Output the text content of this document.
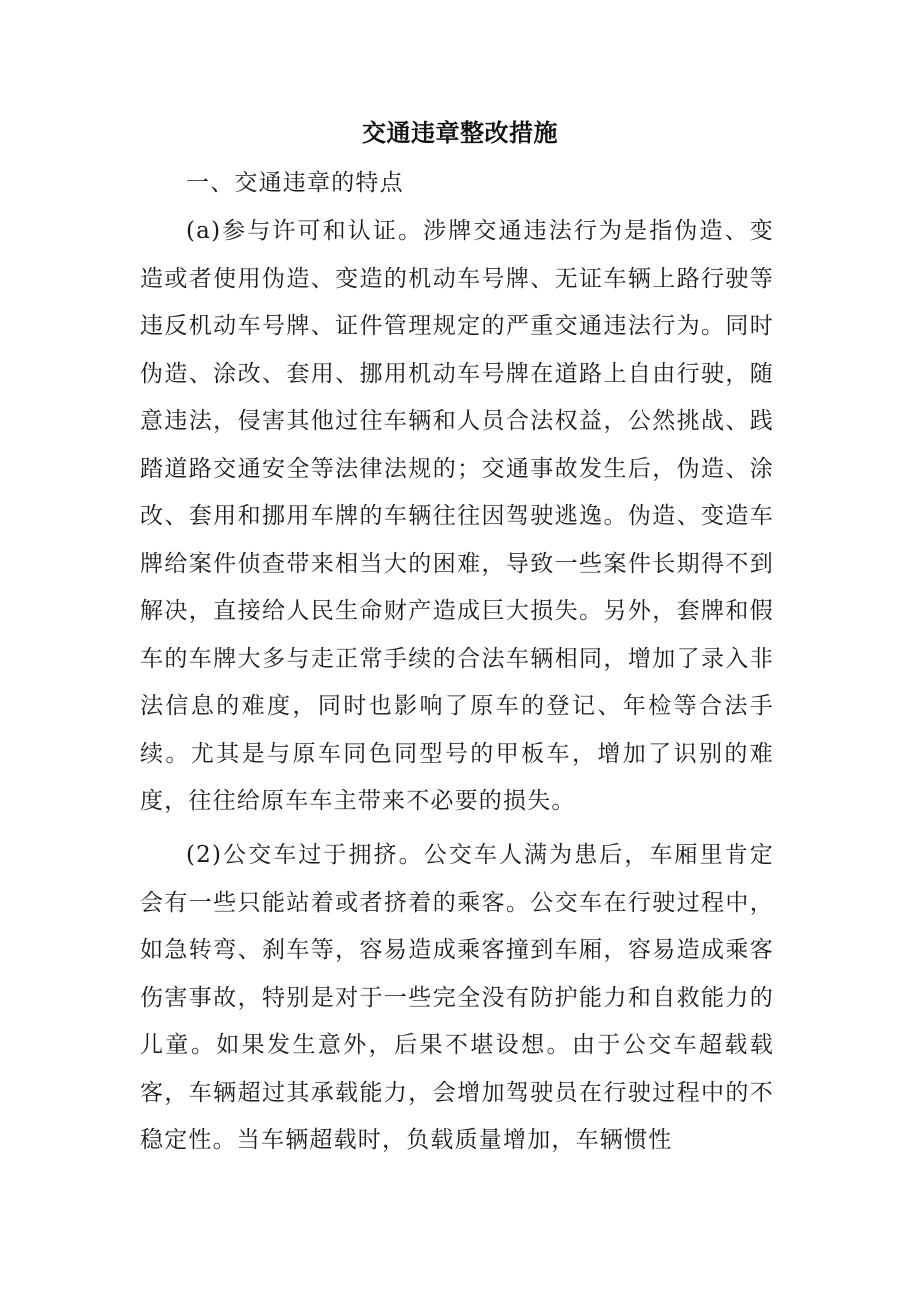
交通违章整改措施
一、交通违章的特点

(a)参与许可和认证。涉牌交通违法行为是指伪造、变造或者使用伪造、变造的机动车号牌、无证车辆上路行驶等违反机动车号牌、证件管理规定的严重交通违法行为。同时伪造、涂改、套用、挪用机动车号牌在道路上自由行驶，随意违法，侵害其他过往车辆和人员合法权益，公然挑战、践踏道路交通安全等法律法规的；交通事故发生后，伪造、涂改、套用和挪用车牌的车辆往往因驾驶逃逸。伪造、变造车牌给案件侦查带来相当大的困难，导致一些案件长期得不到解决，直接给人民生命财产造成巨大损失。另外，套牌和假车的车牌大多与走正常手续的合法车辆相同，增加了录入非法信息的难度，同时也影响了原车的登记、年检等合法手续。尤其是与原车同色同型号的甲板车，增加了识别的难度，往往给原车车主带来不必要的损失。

(2)公交车过于拥挤。公交车人满为患后，车厢里肯定会有一些只能站着或者挤着的乘客。公交车在行驶过程中，如急转弯、刹车等，容易造成乘客撞到车厢，容易造成乘客伤害事故，特别是对于一些完全没有防护能力和自救能力的儿童。如果发生意外，后果不堪设想。由于公交车超载载客，车辆超过其承载能力，会增加驾驶员在行驶过程中的不稳定性。当车辆超载时，负载质量增加，车辆惯性
